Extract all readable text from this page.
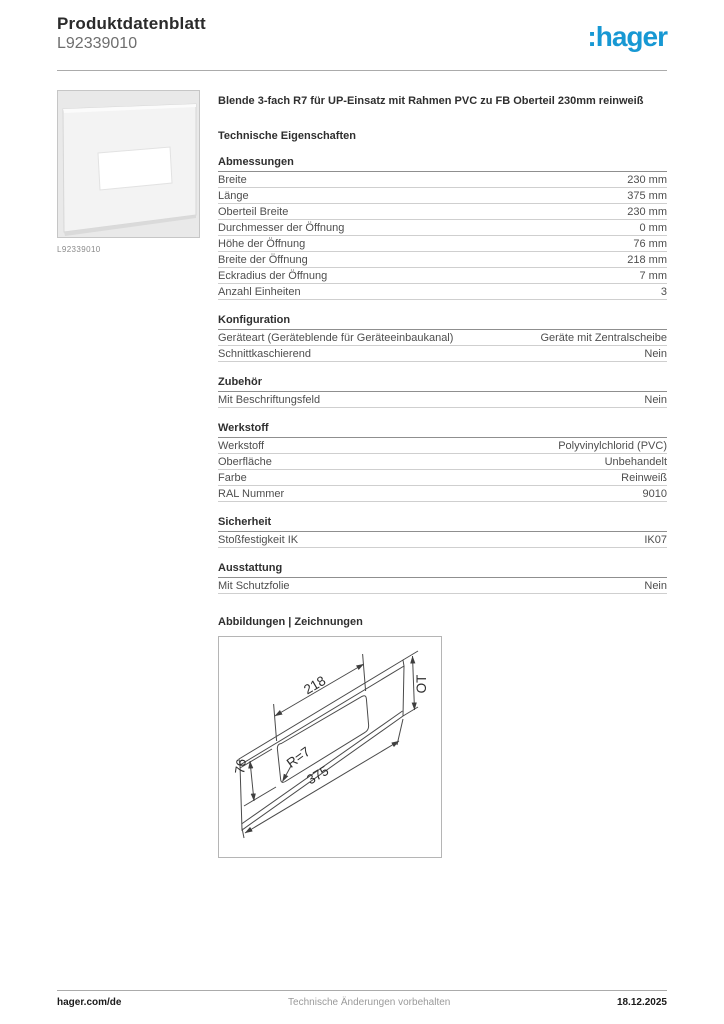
Produktdatenblatt
L92339010	:hager
L92339010
Blende 3-fach R7 für UP-Einsatz mit Rahmen PVC zu FB Oberteil 230mm reinweiß
Technische Eigenschaften
Abmessungen
Breite	230 mm
Länge	375 mm
Oberteil Breite	230 mm
Durchmesser der Öffnung	0 mm
Höhe der Öffnung	76 mm
Breite der Öffnung	218 mm
Eckradius der Öffnung	7 mm
Anzahl Einheiten	3
Konfiguration
Geräteart (Geräteblende für Geräteeinbaukanal)	Geräte mit Zentralscheibe
Schnittkaschierend	Nein
Zubehör
Mit Beschriftungsfeld	Nein
Werkstoff
Werkstoff	Polyvinylchlorid (PVC)
Oberfläche	Unbehandelt
Farbe	Reinweiß
RAL Nummer	9010
Sicherheit
Stoßfestigkeit IK	IK07
Ausstattung
Mit Schutzfolie	Nein
Abbildungen | Zeichnungen
218
76	R=7
375
OT
hager.com/de	Technische Änderungen vorbehalten	18.12.2025
